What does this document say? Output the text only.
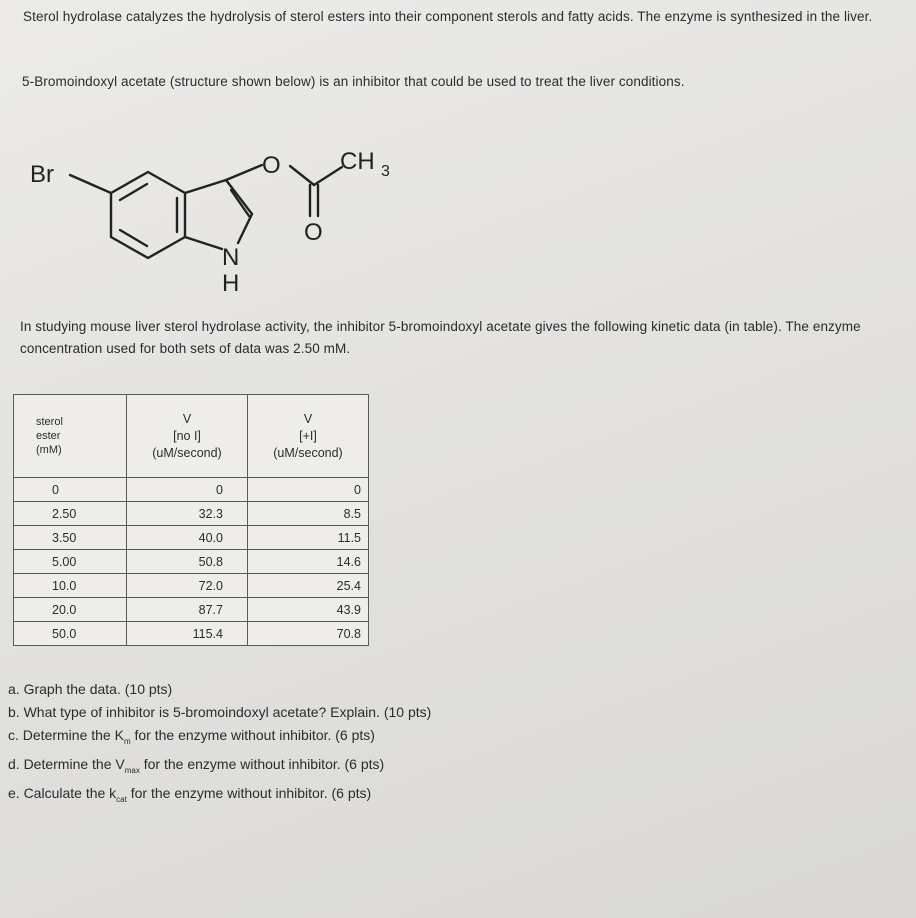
Sterol hydrolase catalyzes the hydrolysis of sterol esters into their component sterols and fatty acids. The enzyme is synthesized in the liver.
5-Bromoindoxyl acetate (structure shown below) is an inhibitor that could be used to treat the liver conditions.
Br	O CH 3
O
N
H
In studying mouse liver sterol hydrolase activity, the inhibitor 5-bromoindoxyl acetate gives the following kinetic data (in table). The enzyme concentration used for both sets of data was 2.50 mM.
sterol
ester
(mM)	V
[no I]
(uM/second)	V
[+I]
(uM/second)

0	0	0
2.50	32.3	8.5
3.50	40.0	11.5
5.00	50.8	14.6
10.0	72.0	25.4
20.0	87.7	43.9
50.0	115.4	70.8
a. Graph the data. (10 pts)
b. What type of inhibitor is 5-bromoindoxyl acetate? Explain. (10 pts)
c. Determine the $K_m$ for the enzyme without inhibitor. (6 pts)
d. Determine the $V_{max}$ for the enzyme without inhibitor. (6 pts)
e. Calculate the $k_{cat}$ for the enzyme without inhibitor. (6 pts)
